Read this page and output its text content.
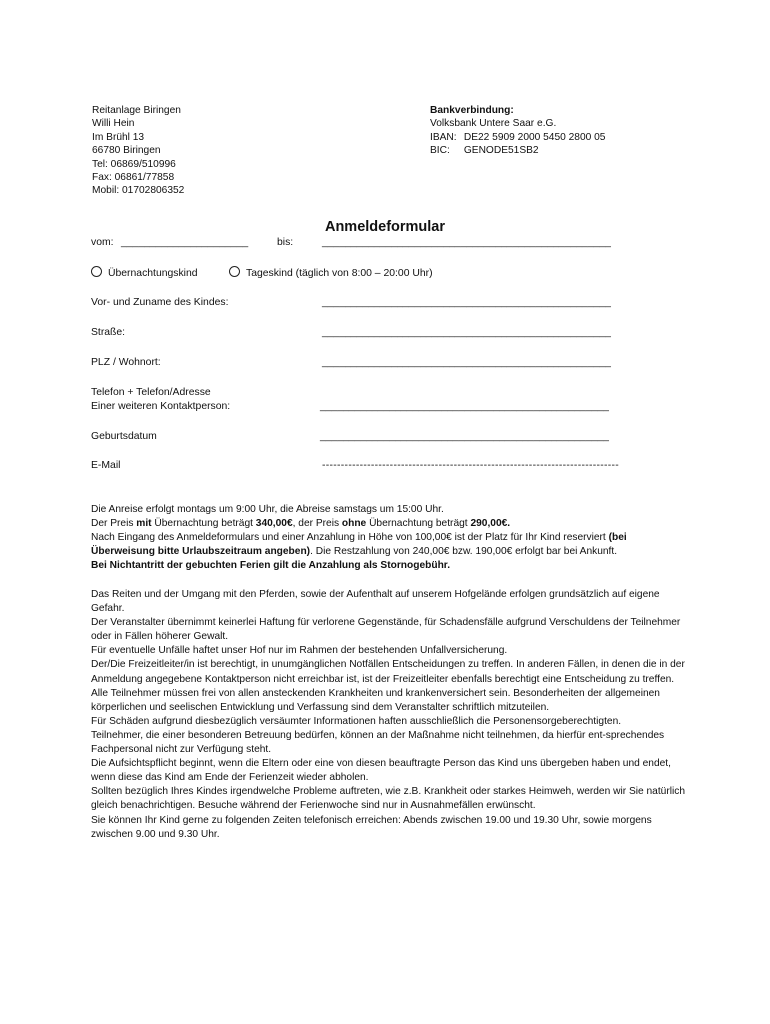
Reitanlage Biringen
Willi Hein
Im Brühl 13
66780 Biringen
Tel: 06869/510996
Fax: 06861/77858
Mobil: 01702806352
Bankverbindung:
Volksbank Untere Saar e.G.
IBAN: DE22 5909 2000 5450 2800 05
BIC: GENODE51SB2
Anmeldeformular
vom: ______________________	bis:	__________________________________________________
Übernachtungskind	Tageskind (täglich von 8:00 – 20:00 Uhr)
Vor- und Zuname des Kindes:	__________________________________________________
Straße:	__________________________________________________
PLZ / Wohnort:	__________________________________________________
Telefon + Telefon/Adresse
Einer weiteren Kontaktperson:	__________________________________________________
Geburtsdatum	__________________________________________________
E-Mail	-------------------------------------------------------------------------------

Die Anreise erfolgt montags um 9:00 Uhr, die Abreise samstags um 15:00 Uhr.

Der Preis mit Übernachtung beträgt 340,00€, der Preis ohne Übernachtung beträgt 290,00€.

Nach Eingang des Anmeldeformulars und einer Anzahlung in Höhe von 100,00€ ist der Platz für Ihr Kind reserviert (bei Überweisung bitte Urlaubszeitraum angeben). Die Restzahlung von 240,00€ bzw. 190,00€ erfolgt bar bei Ankunft.

Bei Nichtantritt der gebuchten Ferien gilt die Anzahlung als Stornogebühr.

Das Reiten und der Umgang mit den Pferden, sowie der Aufenthalt auf unserem Hofgelände erfolgen grundsätzlich auf eigene Gefahr.

Der Veranstalter übernimmt keinerlei Haftung für verlorene Gegenstände, für Schadensfälle aufgrund Verschuldens der Teilnehmer oder in Fällen höherer Gewalt.

Für eventuelle Unfälle haftet unser Hof nur im Rahmen der bestehenden Unfallversicherung.

Der/Die Freizeitleiter/in ist berechtigt, in unumgänglichen Notfällen Entscheidungen zu treffen. In anderen Fällen, in denen die in der Anmeldung angegebene Kontaktperson nicht erreichbar ist, ist der Freizeitleiter ebenfalls berechtigt eine Entscheidung zu treffen.

Alle Teilnehmer müssen frei von allen ansteckenden Krankheiten und krankenversichert sein. Besonderheiten der allgemeinen körperlichen und seelischen Entwicklung und Verfassung sind dem Veranstalter schriftlich mitzuteilen.

Für Schäden aufgrund diesbezüglich versäumter Informationen haften ausschließlich die Personensorgeberechtigten.

Teilnehmer, die einer besonderen Betreuung bedürfen, können an der Maßnahme nicht teilnehmen, da hierfür ent-sprechendes Fachpersonal nicht zur Verfügung steht.

Die Aufsichtspflicht beginnt, wenn die Eltern oder eine von diesen beauftragte Person das Kind uns übergeben haben und endet, wenn diese das Kind am Ende der Ferienzeit wieder abholen.

Sollten bezüglich Ihres Kindes irgendwelche Probleme auftreten, wie z.B. Krankheit oder starkes Heimweh, werden wir Sie natürlich gleich benachrichtigen. Besuche während der Ferienwoche sind nur in Ausnahmefällen erwünscht.

Sie können Ihr Kind gerne zu folgenden Zeiten telefonisch erreichen: Abends zwischen 19.00 und 19.30 Uhr, sowie morgens zwischen 9.00 und 9.30 Uhr.
